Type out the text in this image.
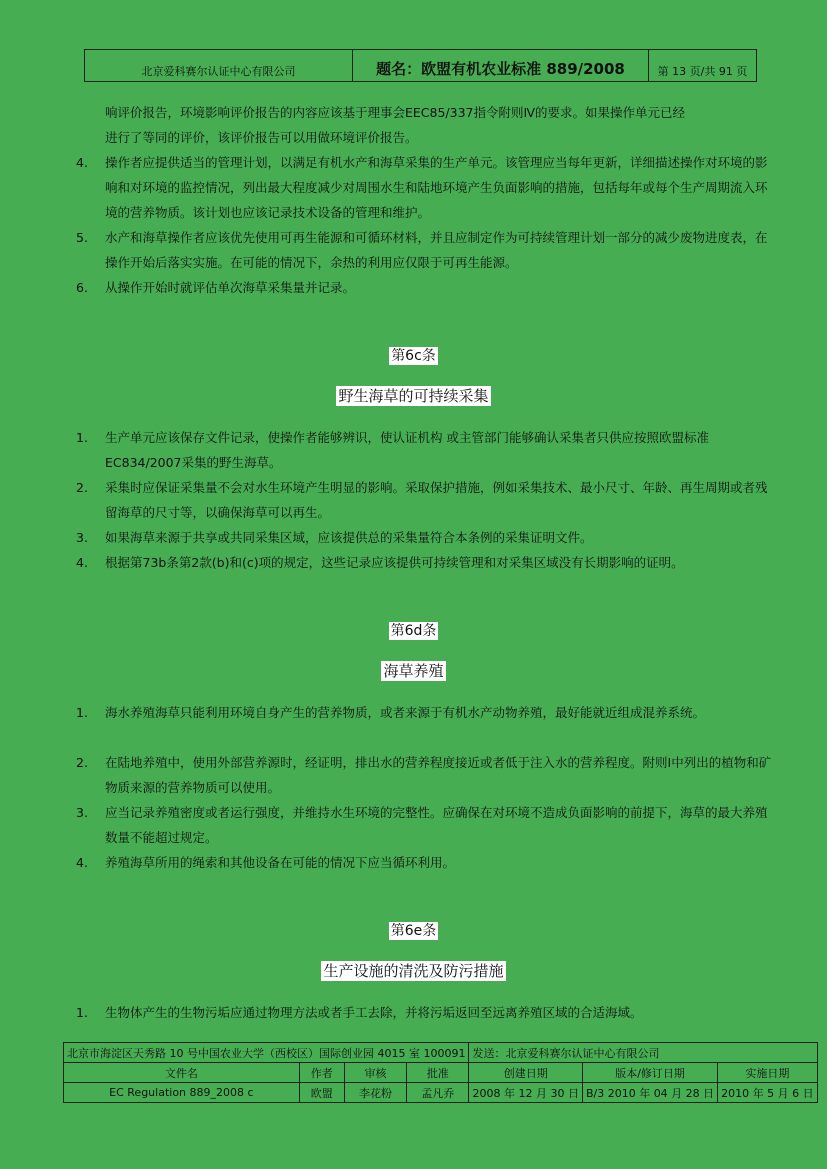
北京爱科赛尔认证中心有限公司	题名：欧盟有机农业标准 889/2008	第 13 页/共 91 页
响评价报告，环境影响评价报告的内容应该基于理事会EEC85/337指令附则Ⅳ的要求。如果操作单元已经
进行了等同的评价，该评价报告可以用做环境评价报告。
4.	操作者应提供适当的管理计划，以满足有机水产和海草采集的生产单元。该管理应当每年更新，详细描述操作对环境的影响和对环境的监控情况，列出最大程度减少对周围水生和陆地环境产生负面影响的措施，包括每年或每个生产周期流入环境的营养物质。该计划也应该记录技术设备的管理和维护。
5.	水产和海草操作者应该优先使用可再生能源和可循环材料，并且应制定作为可持续管理计划一部分的减少废物进度表，在操作开始后落实实施。在可能的情况下，余热的利用应仅限于可再生能源。
6.	从操作开始时就评估单次海草采集量并记录。
第6c条
野生海草的可持续采集
1.	生产单元应该保存文件记录，使操作者能够辨识，使认证机构 或主管部门能够确认采集者只供应按照欧盟标准EC834/2007采集的野生海草。
2.	采集时应保证采集量不会对水生环境产生明显的影响。采取保护措施，例如采集技术、最小尺寸、年龄、再生周期或者残留海草的尺寸等，以确保海草可以再生。
3.	如果海草来源于共享或共同采集区域，应该提供总的采集量符合本条例的采集证明文件。
4.	根据第73b条第2款(b)和(c)项的规定，这些记录应该提供可持续管理和对采集区域没有长期影响的证明。
第6d条
海草养殖
1.	海水养殖海草只能利用环境自身产生的营养物质，或者来源于有机水产动物养殖，最好能就近组成混养系统。
2.	在陆地养殖中，使用外部营养源时，经证明，排出水的营养程度接近或者低于注入水的营养程度。附则Ⅰ中列出的植物和矿物质来源的营养物质可以使用。
3.	应当记录养殖密度或者运行强度，并维持水生环境的完整性。应确保在对环境不造成负面影响的前提下，海草的最大养殖数量不能超过规定。
4.	养殖海草所用的绳索和其他设备在可能的情况下应当循环利用。
第6e条
生产设施的清洗及防污措施
1.	生物体产生的生物污垢应通过物理方法或者手工去除，并将污垢返回至远离养殖区域的合适海域。
北京市海淀区天秀路 10 号中国农业大学（西校区）国际创业园 4015 室 100091				发送：北京爱科赛尔认证中心有限公司		
文件名	作者	审核	批准	创建日期	版本/修订日期	实施日期
EC Regulation 889_2008 c	欧盟	李花粉	孟凡乔	2008 年 12 月 30 日	B/3 2010 年 04 月 28 日	2010 年 5 月 6 日
